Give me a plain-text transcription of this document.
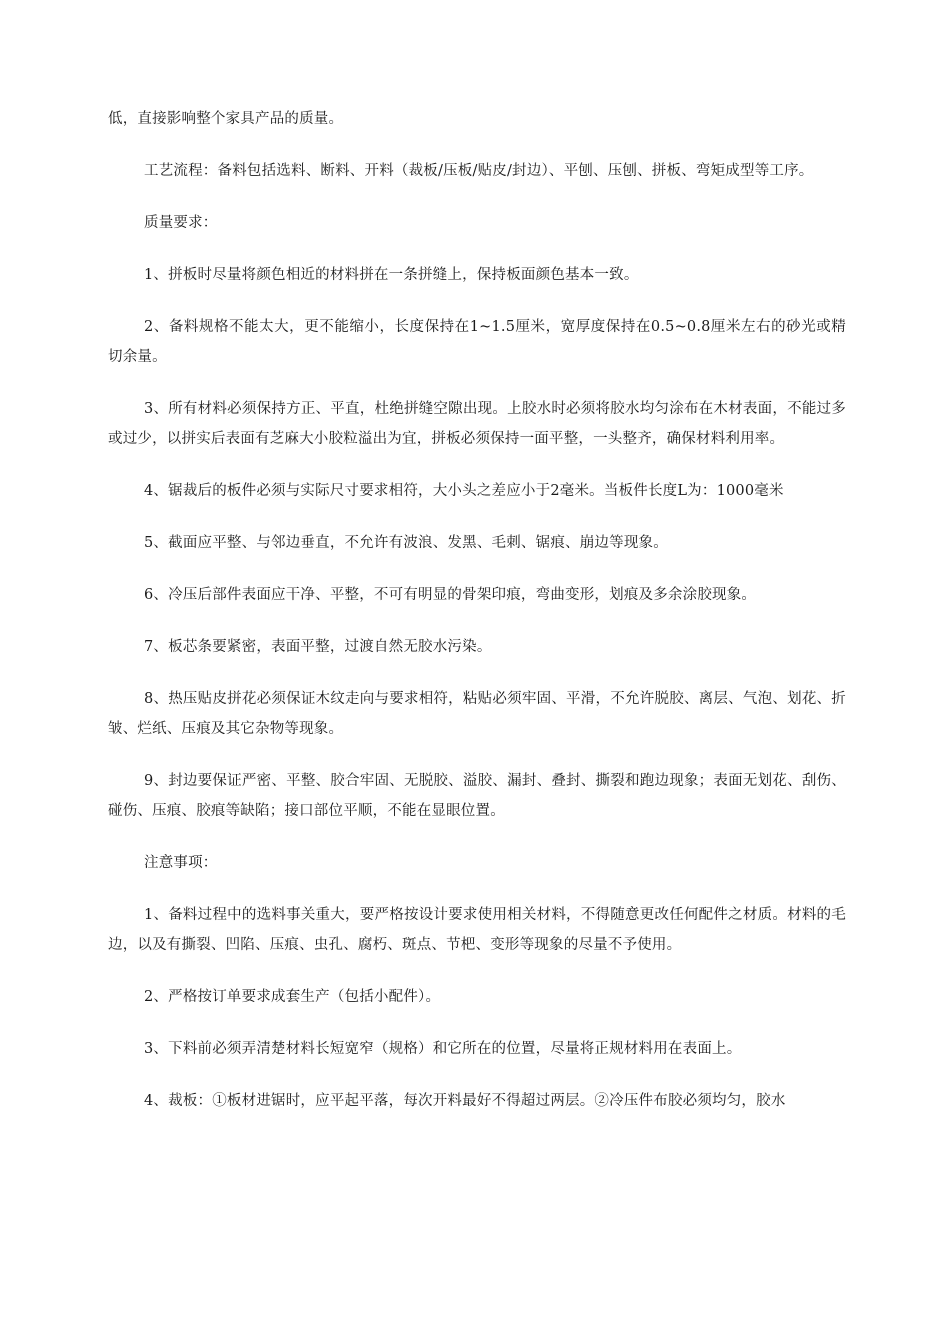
低，直接影响整个家具产品的质量。

工艺流程：备料包括选料、断料、开料（裁板/压板/贴皮/封边）、平刨、压刨、拼板、弯矩成型等工序。

质量要求：

1、拼板时尽量将颜色相近的材料拼在一条拼缝上，保持板面颜色基本一致。

2、备料规格不能太大，更不能缩小，长度保持在1~1.5厘米，宽厚度保持在0.5~0.8厘米左右的砂光或精切余量。

3、所有材料必须保持方正、平直，杜绝拼缝空隙出现。上胶水时必须将胶水均匀涂布在木材表面，不能过多或过少，以拼实后表面有芝麻大小胶粒溢出为宜，拼板必须保持一面平整，一头整齐，确保材料利用率。

4、锯裁后的板件必须与实际尺寸要求相符，大小头之差应小于2毫米。当板件长度L为：1000毫米

5、截面应平整、与邻边垂直，不允许有波浪、发黑、毛刺、锯痕、崩边等现象。

6、冷压后部件表面应干净、平整，不可有明显的骨架印痕，弯曲变形，划痕及多余涂胶现象。

7、板芯条要紧密，表面平整，过渡自然无胶水污染。

8、热压贴皮拼花必须保证木纹走向与要求相符，粘贴必须牢固、平滑，不允许脱胶、离层、气泡、划花、折皱、烂纸、压痕及其它杂物等现象。

9、封边要保证严密、平整、胶合牢固、无脱胶、溢胶、漏封、叠封、撕裂和跑边现象；表面无划花、刮伤、碰伤、压痕、胶痕等缺陷；接口部位平顺，不能在显眼位置。

注意事项：

1、备料过程中的选料事关重大，要严格按设计要求使用相关材料，不得随意更改任何配件之材质。材料的毛边，以及有撕裂、凹陷、压痕、虫孔、腐朽、斑点、节杷、变形等现象的尽量不予使用。

2、严格按订单要求成套生产（包括小配件）。

3、下料前必须弄清楚材料长短宽窄（规格）和它所在的位置，尽量将正规材料用在表面上。

4、裁板：①板材进锯时，应平起平落，每次开料最好不得超过两层。②冷压件布胶必须均匀，胶水
